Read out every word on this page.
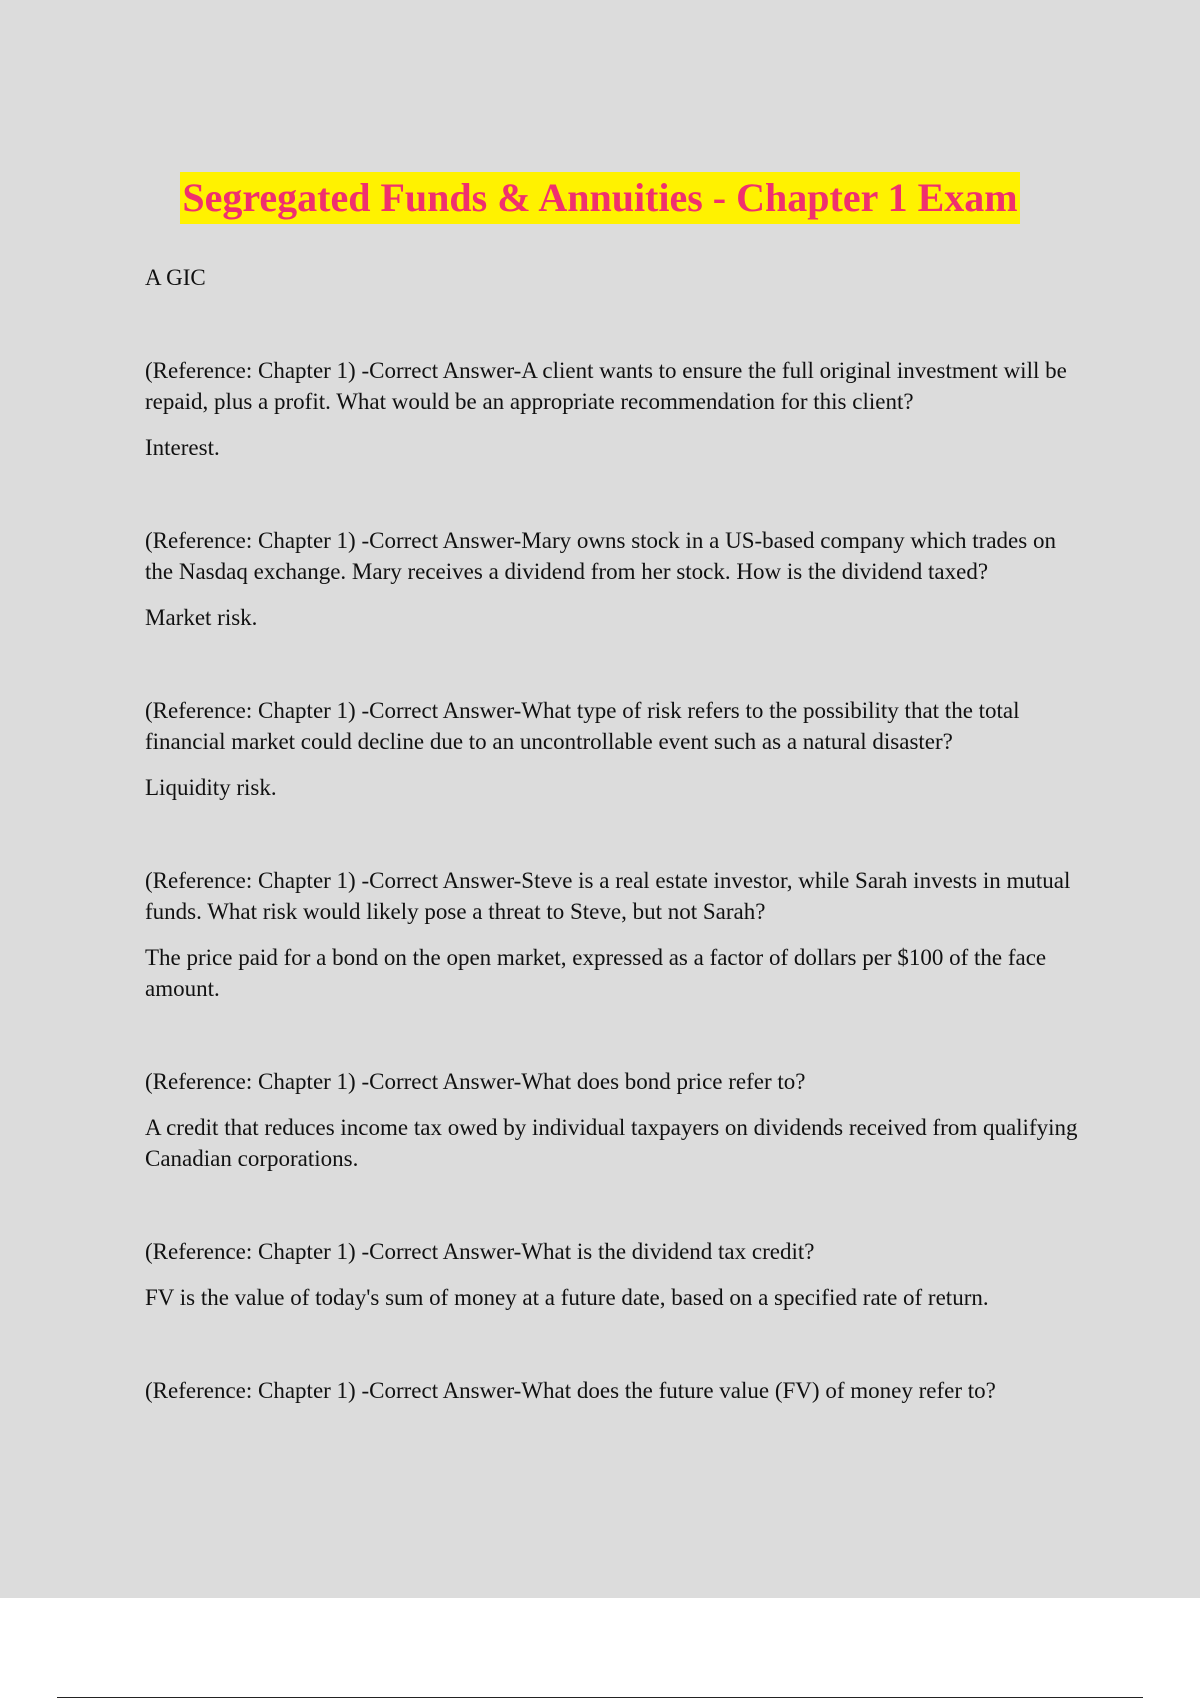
Segregated Funds & Annuities - Chapter 1 Exam

A GIC

(Reference: Chapter 1) -Correct Answer-A client wants to ensure the full original investment will be repaid, plus a profit. What would be an appropriate recommendation for this client?

Interest.

(Reference: Chapter 1) -Correct Answer-Mary owns stock in a US-based company which trades on the Nasdaq exchange. Mary receives a dividend from her stock. How is the dividend taxed?

Market risk.

(Reference: Chapter 1) -Correct Answer-What type of risk refers to the possibility that the total financial market could decline due to an uncontrollable event such as a natural disaster?

Liquidity risk.

(Reference: Chapter 1) -Correct Answer-Steve is a real estate investor, while Sarah invests in mutual funds. What risk would likely pose a threat to Steve, but not Sarah?

The price paid for a bond on the open market, expressed as a factor of dollars per $100 of the face amount.

(Reference: Chapter 1) -Correct Answer-What does bond price refer to?

A credit that reduces income tax owed by individual taxpayers on dividends received from qualifying Canadian corporations.

(Reference: Chapter 1) -Correct Answer-What is the dividend tax credit?

FV is the value of today's sum of money at a future date, based on a specified rate of return.

(Reference: Chapter 1) -Correct Answer-What does the future value (FV) of money refer to?
